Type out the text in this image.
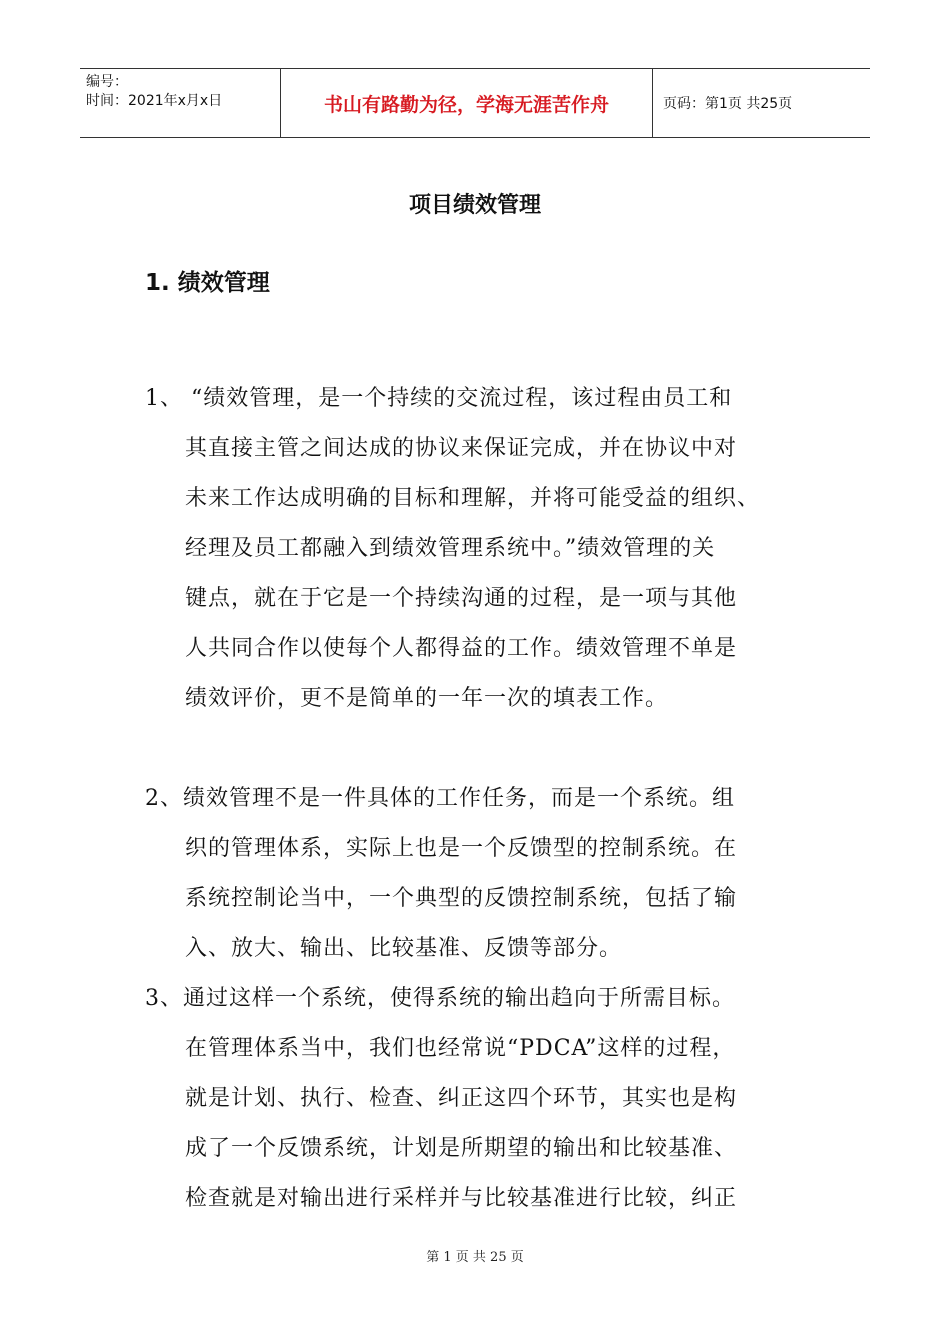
编号：
时间：2021年x月x日	书山有路勤为径，学海无涯苦作舟	页码：第1页 共25页
项目绩效管理
1. 绩效管理
1、 “绩效管理，是一个持续的交流过程，该过程由员工和
其直接主管之间达成的协议来保证完成，并在协议中对
未来工作达成明确的目标和理解，并将可能受益的组织、
经理及员工都融入到绩效管理系统中。”绩效管理的关
键点，就在于它是一个持续沟通的过程，是一项与其他
人共同合作以使每个人都得益的工作。绩效管理不单是
绩效评价，更不是简单的一年一次的填表工作。
2、绩效管理不是一件具体的工作任务，而是一个系统。组
织的管理体系，实际上也是一个反馈型的控制系统。在
系统控制论当中，一个典型的反馈控制系统，包括了输
入、放大、输出、比较基准、反馈等部分。
3、通过这样一个系统，使得系统的输出趋向于所需目标。
在管理体系当中，我们也经常说“PDCA”这样的过程，
就是计划、执行、检查、纠正这四个环节，其实也是构
成了一个反馈系统，计划是所期望的输出和比较基准、
检查就是对输出进行采样并与比较基准进行比较，纠正
第 1 页 共 25 页
